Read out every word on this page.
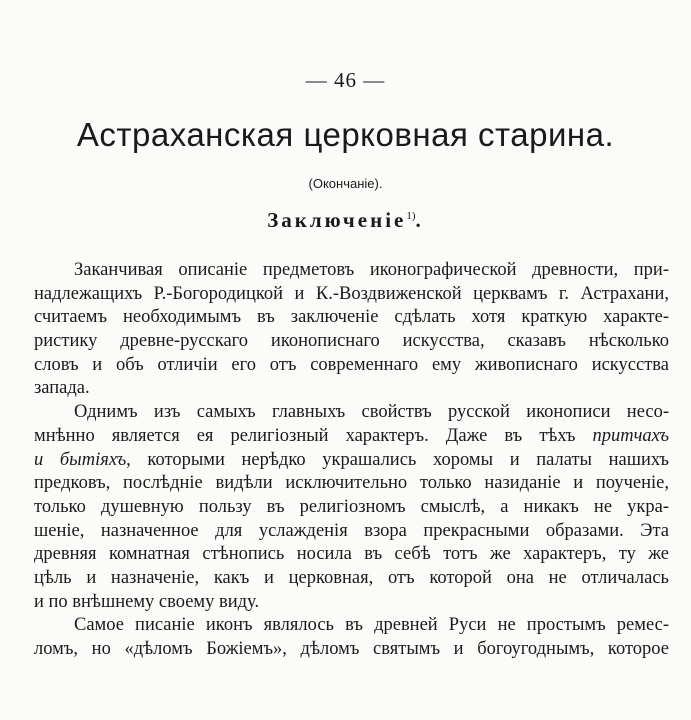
— 46 —
Астраханская церковная старина.
(Окончаніе).
Заключеніе$^{1)}$.
Заканчивая описаніе предметовъ иконографической древности, при-
надлежащихъ Р.-Богородицкой и К.-Воздвиженской церквамъ г. Астрахани,
считаемъ необходимымъ въ заключеніе сдѣлать хотя краткую характе-
ристику древне-русскаго иконописнаго искусства, сказавъ нѣсколько
словъ и объ отличіи его отъ современнаго ему живописнаго искусства
запада.
Однимъ изъ самыхъ главныхъ свойствъ русской иконописи несо-
мнѣнно является ея религіозный характеръ. Даже въ тѣхъ притчахъ
и бытіяхъ, которыми нерѣдко украшались хоромы и палаты нашихъ
предковъ, послѣдніе видѣли исключительно только назиданіе и поученіе,
только душевную пользу въ религіозномъ смыслѣ, а никакъ не укра-
шеніе, назначенное для услажденія взора прекрасными образами. Эта
древняя комнатная стѣнопись носила въ себѣ тотъ же характеръ, ту же
цѣль и назначеніе, какъ и церковная, отъ которой она не отличалась
и по внѣшнему своему виду.
Самое писаніе иконъ являлось въ древней Руси не простымъ ремес-
ломъ, но «дѣломъ Божіемъ», дѣломъ святымъ и богоугоднымъ, которое
